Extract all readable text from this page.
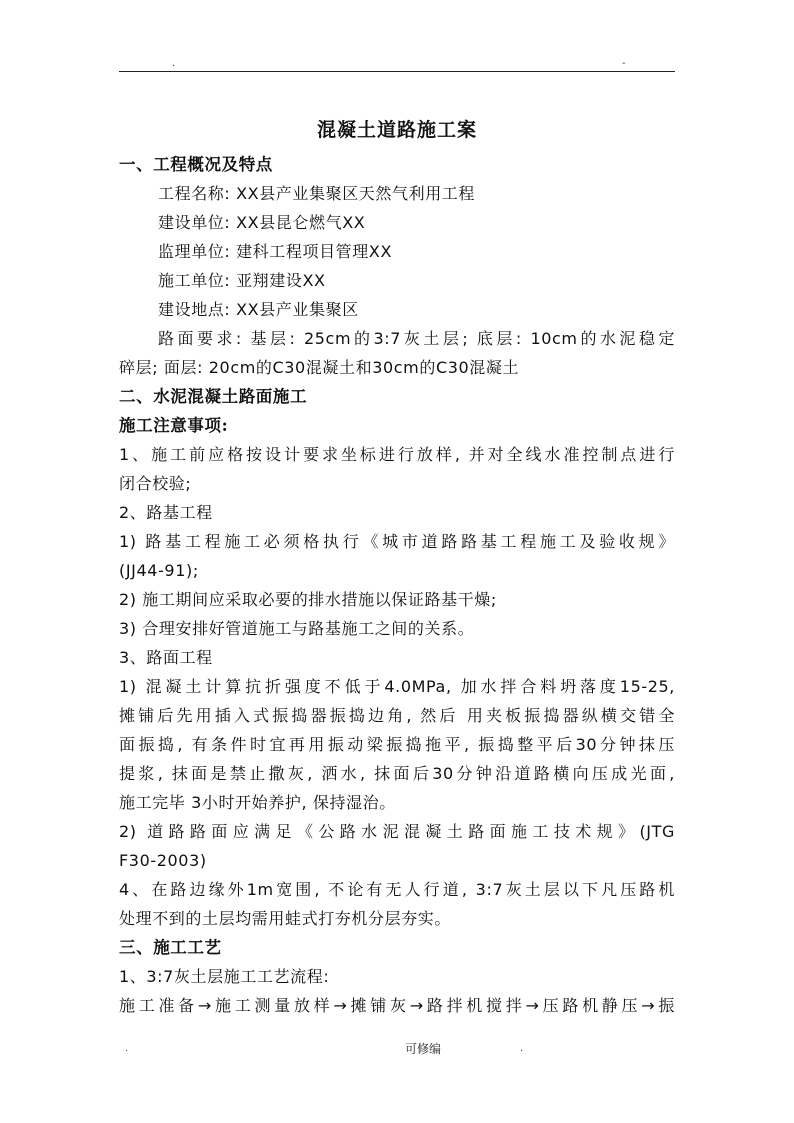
.	-
混凝土道路施工案
一、工程概况及特点
工程名称: XX县产业集聚区天然气利用工程
建设单位: XX县昆仑燃气XX
监理单位: 建科工程项目管理XX
施工单位: 亚翔建设XX
建设地点: XX县产业集聚区
路面要求: 基层: 25cm的3:7灰土层; 底层: 10cm的水泥稳定
碎层; 面层: 20cm的C30混凝土和30cm的C30混凝土
二、水泥混凝土路面施工
施工注意事项:
1、施工前应格按设计要求坐标进行放样, 并对全线水准控制点进行
闭合校验;
2、路基工程
1) 路基工程施工必须格执行《城市道路路基工程施工及验收规》
(JJ44-91);
2) 施工期间应采取必要的排水措施以保证路基干燥;
3) 合理安排好管道施工与路基施工之间的关系。
3、路面工程
1) 混凝土计算抗折强度不低于4.0MPa, 加水拌合料坍落度15-25,
摊铺后先用插入式振捣器振捣边角, 然后 用夹板振捣器纵横交错全
面振捣, 有条件时宜再用振动梁振捣拖平, 振捣整平后30分钟抹压
提浆, 抹面是禁止撒灰, 洒水, 抹面后30分钟沿道路横向压成光面,
施工完毕 3小时开始养护, 保持湿治。
2) 道路路面应满足《公路水泥混凝土路面施工技术规》(JTG
F30-2003)
4、在路边缘外1m宽围, 不论有无人行道, 3:7灰土层以下凡压路机
处理不到的土层均需用蛙式打夯机分层夯实。
三、施工工艺
1、3:7灰土层施工工艺流程:
施工准备→施工测量放样→摊铺灰→路拌机搅拌→压路机静压→振
.	可修编	.
